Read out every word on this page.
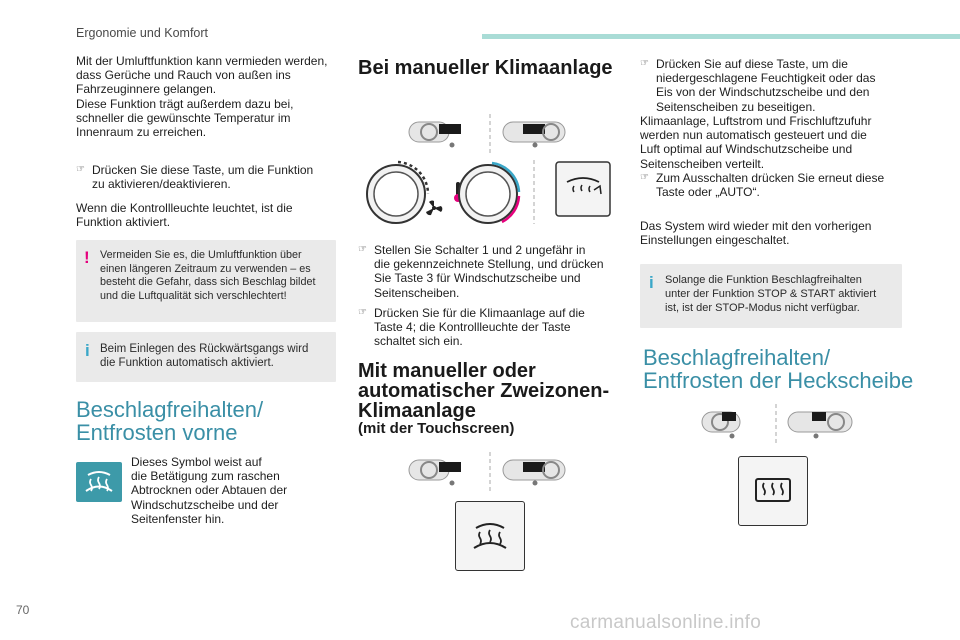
Ergonomie und Komfort
Mit der Umluftfunktion kann vermieden werden,
dass Gerüche und Rauch von außen ins
Fahrzeuginnere gelangen.
Diese Funktion trägt außerdem dazu bei,
schneller die gewünschte Temperatur im
Innenraum zu erreichen.
☞ Drücken Sie diese Taste, um die Funktion
zu aktivieren/deaktivieren.
Wenn die Kontrollleuchte leuchtet, ist die
Funktion aktiviert.
! Vermeiden Sie es, die Umluftfunktion über
einen längeren Zeitraum zu verwenden – es
besteht die Gefahr, dass sich Beschlag bildet
und die Luftqualität sich verschlechtert!
i Beim Einlegen des Rückwärtsgangs wird
die Funktion automatisch aktiviert.
Beschlagfreihalten/
Entfrosten vorne
Dieses Symbol weist auf
die Betätigung zum raschen
Abtrocknen oder Abtauen der
Windschutzscheibe und der
Seitenfenster hin.
70
Bei manueller Klimaanlage
☞ Stellen Sie Schalter 1 und 2 ungefähr in
die gekennzeichnete Stellung, und drücken
Sie Taste 3 für Windschutzscheibe und
Seitenscheiben.
☞ Drücken Sie für die Klimaanlage auf die
Taste 4; die Kontrollleuchte der Taste
schaltet sich ein.
Mit manueller oder
automatischer Zweizonen-
Klimaanlage
(mit der Touchscreen)
☞ Drücken Sie auf diese Taste, um die
niedergeschlagene Feuchtigkeit oder das
Eis von der Windschutzscheibe und den
Seitenscheiben zu beseitigen.
Klimaanlage, Luftstrom und Frischluftzufuhr
werden nun automatisch gesteuert und die
Luft optimal auf Windschutzscheibe und
Seitenscheiben verteilt.
☞ Zum Ausschalten drücken Sie erneut diese
Taste oder „AUTO“.
Das System wird wieder mit den vorherigen
Einstellungen eingeschaltet.
i Solange die Funktion Beschlagfreihalten
unter der Funktion STOP & START aktiviert
ist, ist der STOP-Modus nicht verfügbar.
Beschlagfreihalten/
Entfrosten der Heckscheibe
carmanualsonline.info
